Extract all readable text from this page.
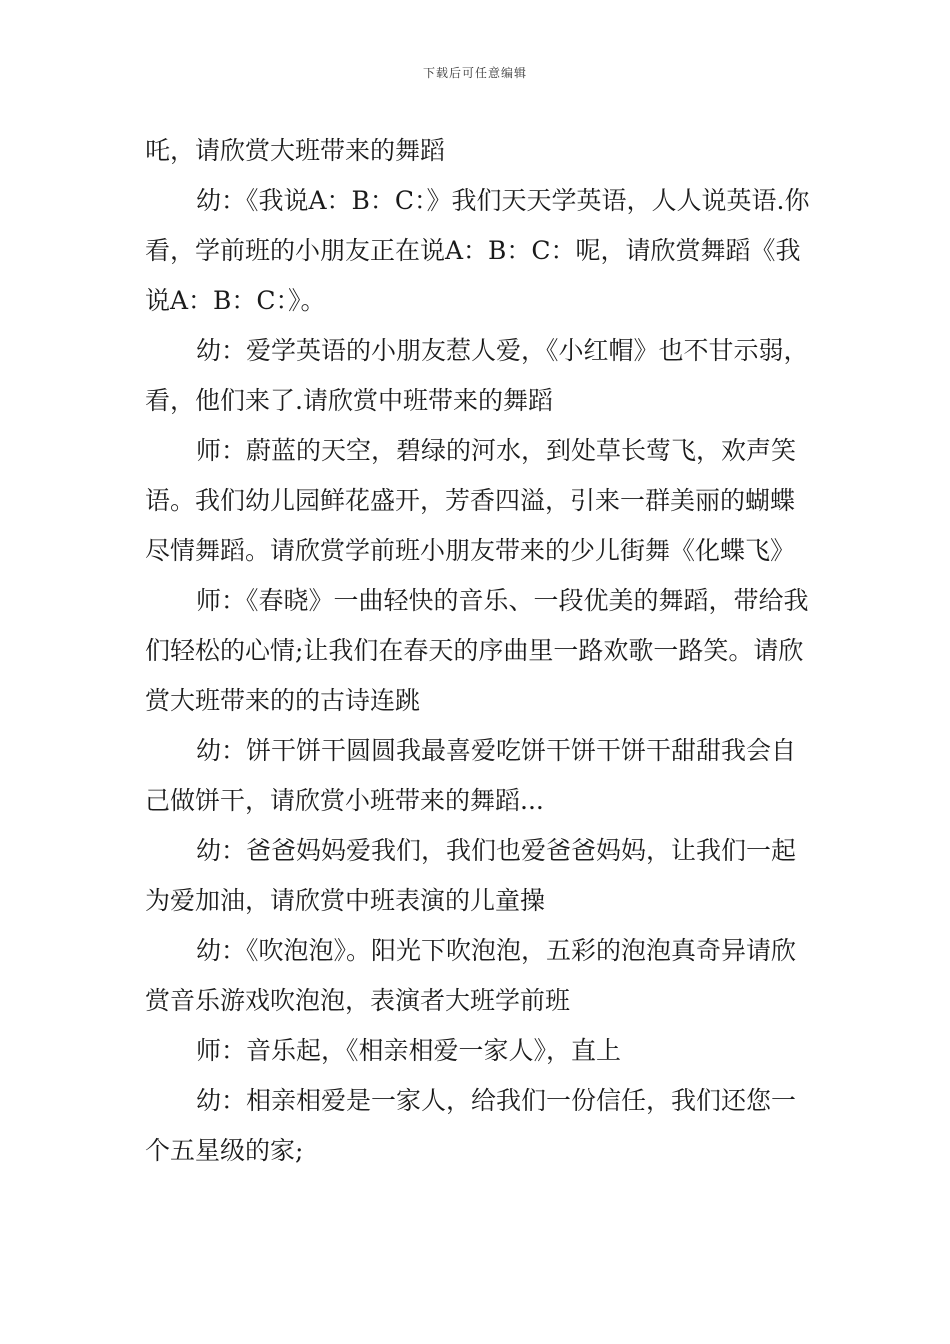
下载后可任意编辑

吒，请欣赏大班带来的舞蹈

幼：《我说A：B：C：》我们天天学英语，人人说英语.你看，学前班的小朋友正在说A：B：C：呢，请欣赏舞蹈《我说A：B：C：》。

幼：爱学英语的小朋友惹人爱，《小红帽》也不甘示弱，看，他们来了.请欣赏中班带来的舞蹈

师：蔚蓝的天空，碧绿的河水，到处草长莺飞，欢声笑语。我们幼儿园鲜花盛开，芳香四溢，引来一群美丽的蝴蝶尽情舞蹈。请欣赏学前班小朋友带来的少儿街舞《化蝶飞》

师：《春晓》一曲轻快的音乐、一段优美的舞蹈，带给我们轻松的心情;让我们在春天的序曲里一路欢歌一路笑。请欣赏大班带来的的古诗连跳

幼：饼干饼干圆圆我最喜爱吃饼干饼干饼干甜甜我会自己做饼干，请欣赏小班带来的舞蹈...

幼：爸爸妈妈爱我们，我们也爱爸爸妈妈，让我们一起为爱加油，请欣赏中班表演的儿童操

幼：《吹泡泡》。阳光下吹泡泡，五彩的泡泡真奇异请欣赏音乐游戏吹泡泡，表演者大班学前班

师：音乐起，《相亲相爱一家人》，直上

幼：相亲相爱是一家人，给我们一份信任，我们还您一个五星级的家;
